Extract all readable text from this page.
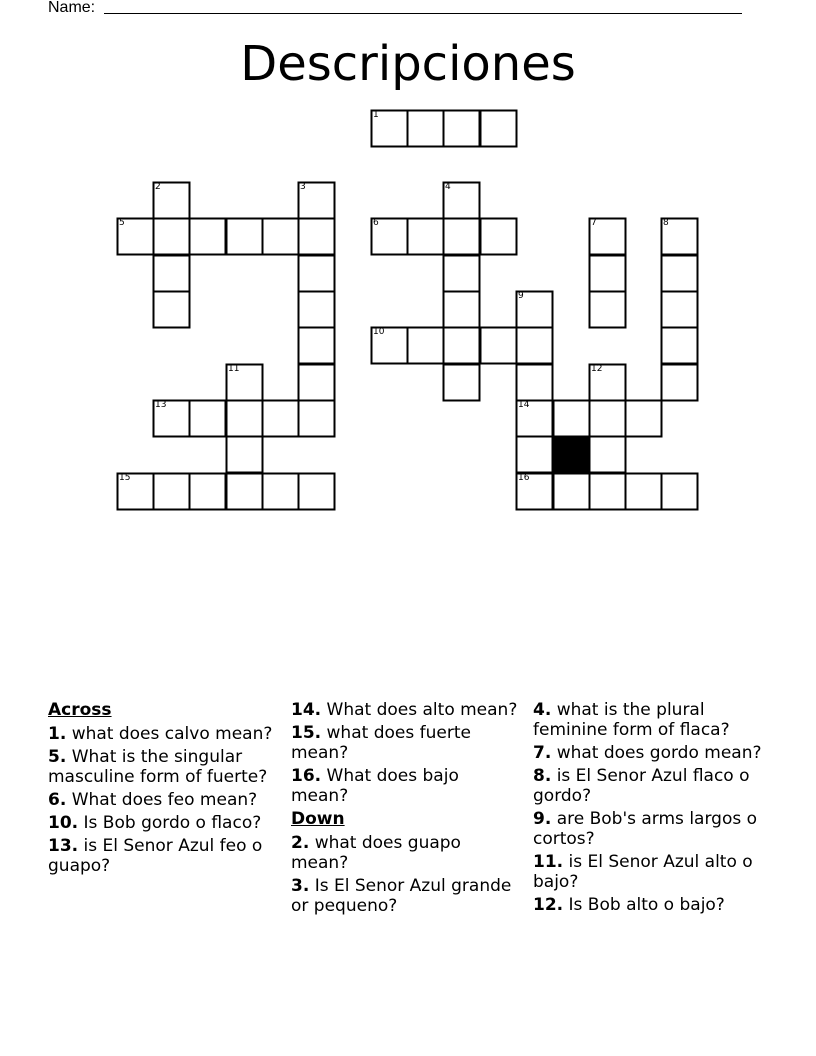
Name:
Descripciones
1
2	3	4
5	6	7	8
9
10
11	12
13	14
15	16
Across
1. what does calvo mean?
5. What is the singular masculine form of fuerte?
6. What does feo mean?
10. Is Bob gordo o flaco?
13. is El Senor Azul feo o guapo?
14. What does alto mean?
15. what does fuerte mean?
16. What does bajo mean?
Down
2. what does guapo mean?
3. Is El Senor Azul grande or pequeno?
4. what is the plural feminine form of flaca?
7. what does gordo mean?
8. is El Senor Azul flaco o gordo?
9. are Bob's arms largos o cortos?
11. is El Senor Azul alto o bajo?
12. Is Bob alto o bajo?
